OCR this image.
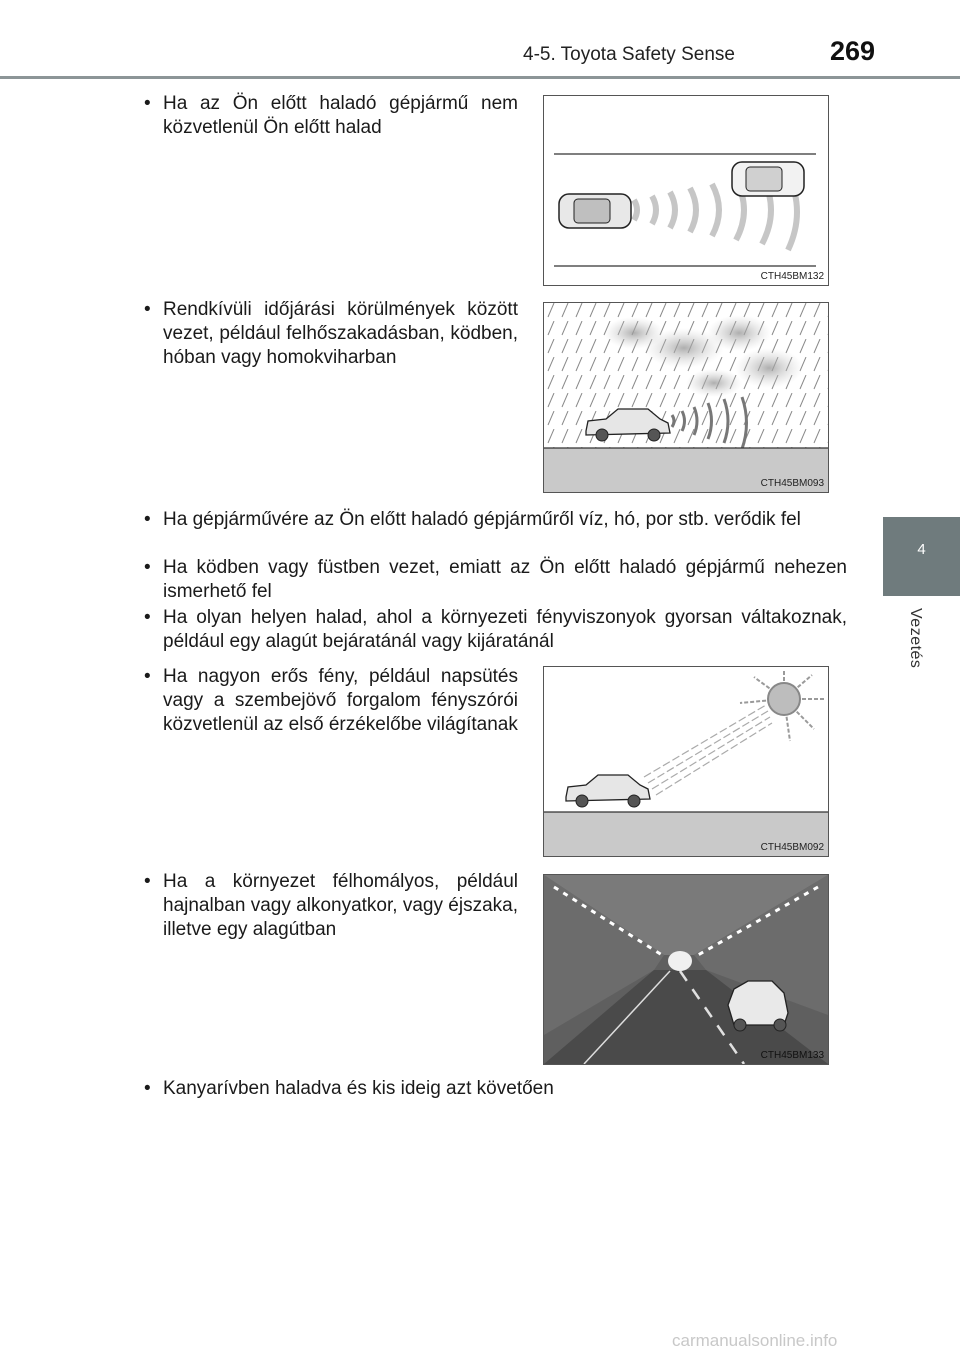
4-5. Toyota Safety Sense	269
4
Vezetés
• Ha az Ön előtt haladó gépjármű nem közvetlenül Ön előtt halad
CTH45BM132
• Rendkívüli időjárási körülmények között vezet, például felhőszakadásban, ködben, hóban vagy homokviharban
CTH45BM093
• Ha gépjárművére az Ön előtt haladó gépjárműről víz, hó, por stb. verődik fel
• Ha ködben vagy füstben vezet, emiatt az Ön előtt haladó gépjármű nehezen ismerhető fel
• Ha olyan helyen halad, ahol a környezeti fényviszonyok gyorsan váltakoznak, például egy alagút bejáratánál vagy kijáratánál
• Ha nagyon erős fény, például napsütés vagy a szembejövő forgalom fényszórói közvetlenül az első érzékelőbe világítanak
CTH45BM092
• Ha a környezet félhomályos, például hajnalban vagy alkonyatkor, vagy éjszaka, illetve egy alagútban
CTH45BM133
• Kanyarívben haladva és kis ideig azt követően
carmanualsonline.info
